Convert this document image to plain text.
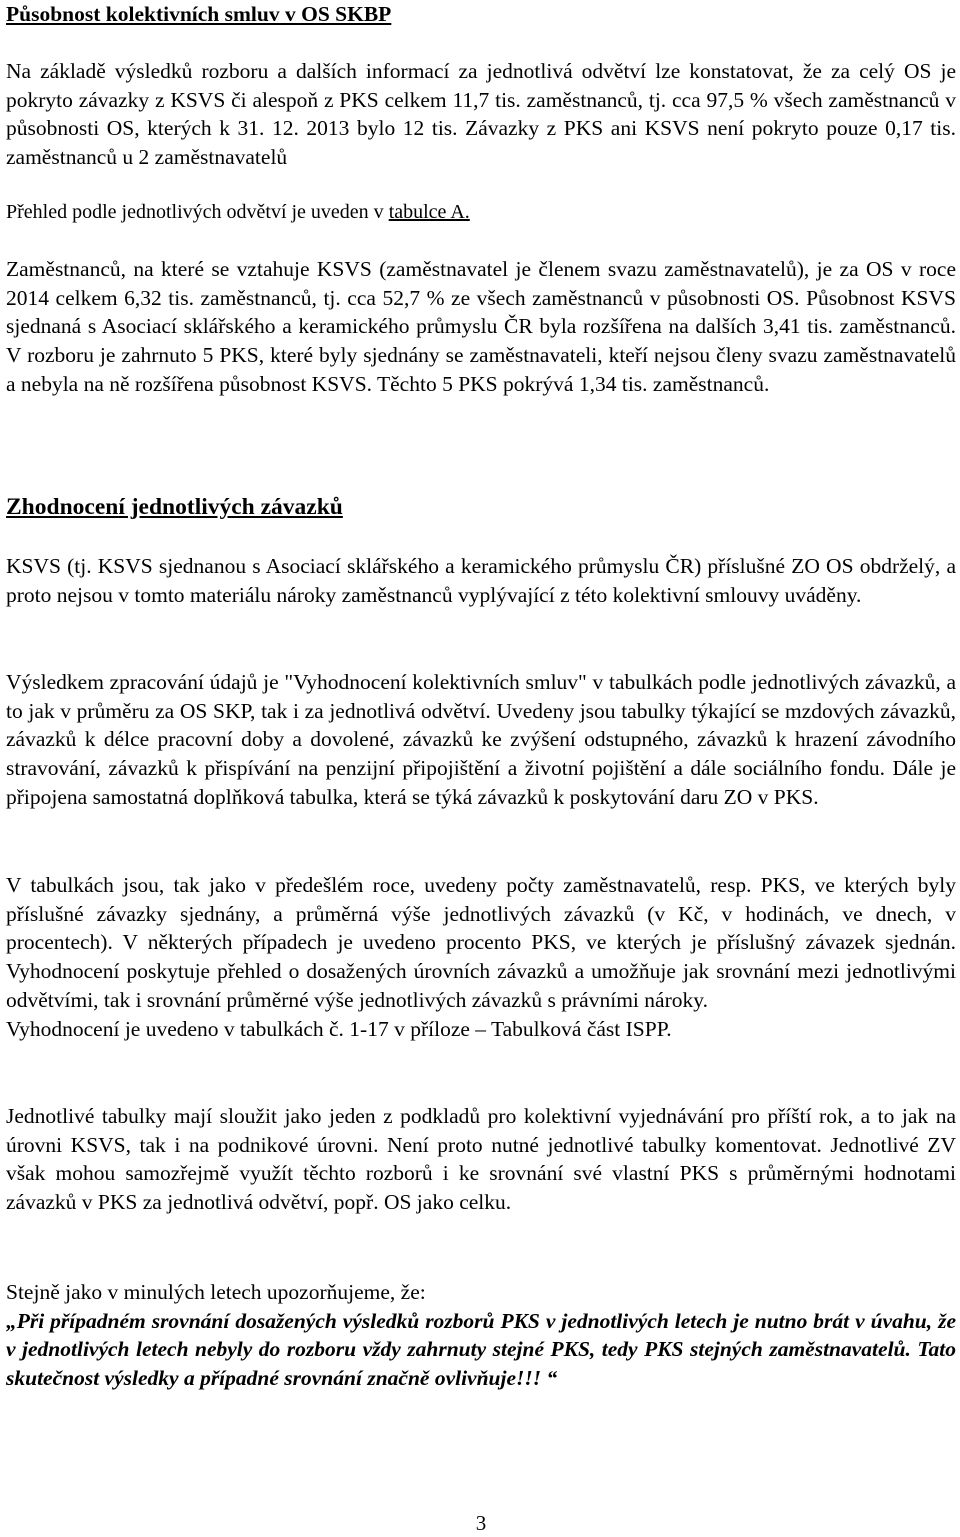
Působnost kolektivních smluv v OS SKBP

Na základě výsledků rozboru a dalších informací za jednotlivá odvětví lze konstatovat, že za celý OS je pokryto závazky z KSVS či alespoň z PKS celkem 11,7 tis. zaměstnanců, tj. cca 97,5 % všech zaměstnanců v působnosti OS, kterých k 31. 12. 2013 bylo 12 tis. Závazky z PKS ani KSVS není pokryto pouze 0,17 tis. zaměstnanců u 2 zaměstnavatelů

Přehled podle jednotlivých odvětví je uveden v tabulce A.

Zaměstnanců, na které se vztahuje KSVS (zaměstnavatel je členem svazu zaměstnavatelů), je za OS v roce 2014 celkem 6,32 tis. zaměstnanců, tj. cca 52,7 % ze všech zaměstnanců v působnosti OS. Působnost KSVS sjednaná s Asociací sklářského a keramického průmyslu ČR byla rozšířena na dalších 3,41 tis. zaměstnanců. V rozboru je zahrnuto 5 PKS, které byly sjednány se zaměstnavateli, kteří nejsou členy svazu zaměstnavatelů a nebyla na ně rozšířena působnost KSVS. Těchto 5 PKS pokrývá 1,34 tis. zaměstnanců.

Zhodnocení jednotlivých závazků

KSVS (tj. KSVS sjednanou s Asociací sklářského a keramického průmyslu ČR) příslušné ZO OS obdrželý, a proto nejsou v tomto materiálu nároky zaměstnanců vyplývající z této kolektivní smlouvy uváděny.

Výsledkem zpracování údajů je "Vyhodnocení kolektivních smluv" v tabulkách podle jednotlivých závazků, a to jak v průměru za OS SKP, tak i za jednotlivá odvětví. Uvedeny jsou tabulky týkající se mzdových závazků, závazků k délce pracovní doby a dovolené, závazků ke zvýšení odstupného, závazků k hrazení závodního stravování, závazků k přispívání na penzijní připojištění a životní pojištění a dále sociálního fondu. Dále je připojena samostatná doplňková tabulka, která se týká závazků k poskytování daru ZO v PKS.

V tabulkách jsou, tak jako v předešlém roce, uvedeny počty zaměstnavatelů, resp. PKS, ve kterých byly příslušné závazky sjednány, a průměrná výše jednotlivých závazků (v Kč, v hodinách, ve dnech, v procentech). V některých případech je uvedeno procento PKS, ve kterých je příslušný závazek sjednán. Vyhodnocení poskytuje přehled o dosažených úrovních závazků a umožňuje jak srovnání mezi jednotlivými odvětvími, tak i srovnání průměrné výše jednotlivých závazků s právními nároky.
Vyhodnocení je uvedeno v tabulkách č. 1-17 v příloze – Tabulková část ISPP.

Jednotlivé tabulky mají sloužit jako jeden z podkladů pro kolektivní vyjednávání pro příští rok, a to jak na úrovni KSVS, tak i na podnikové úrovni. Není proto nutné jednotlivé tabulky komentovat. Jednotlivé ZV však mohou samozřejmě využít těchto rozborů i ke srovnání své vlastní PKS s průměrnými hodnotami závazků v PKS za jednotlivá odvětví, popř. OS jako celku.

Stejně jako v minulých letech upozorňujeme, že:
„Při případném srovnání dosažených výsledků rozborů PKS v jednotlivých letech je nutno brát v úvahu, že v jednotlivých letech nebyly do rozboru vždy zahrnuty stejné PKS, tedy PKS stejných zaměstnavatelů. Tato skutečnost výsledky a případné srovnání značně ovlivňuje!!! “

3
